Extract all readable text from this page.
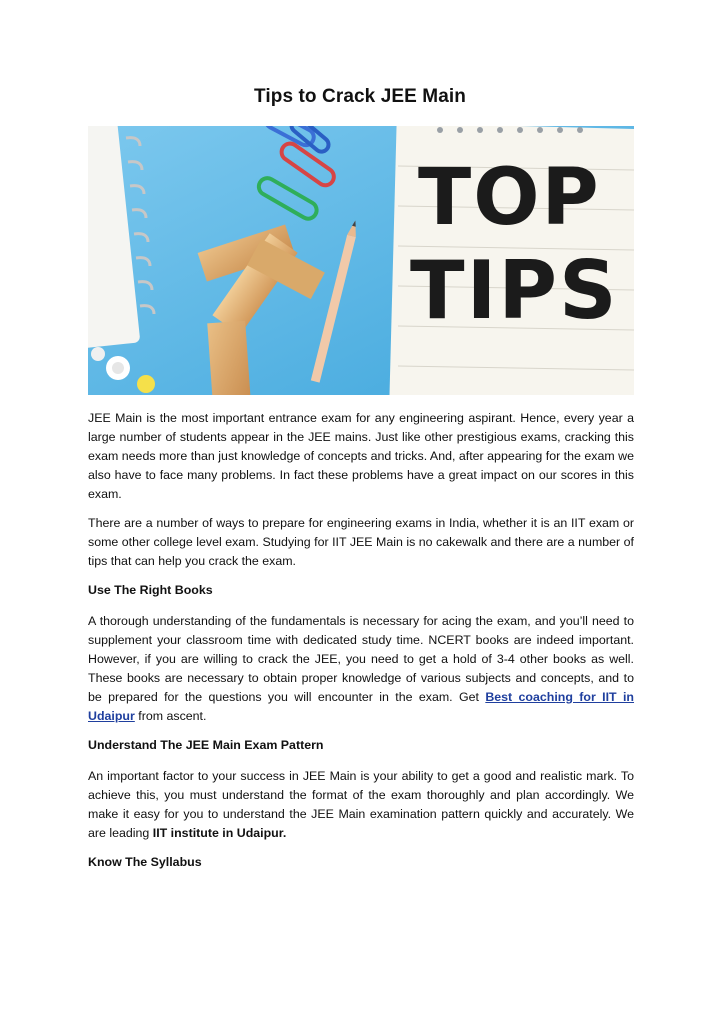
Tips to Crack JEE Main
TOP
TIPS

JEE Main is the most important entrance exam for any engineering aspirant. Hence, every year a large number of students appear in the JEE mains. Just like other prestigious exams, cracking this exam needs more than just knowledge of concepts and tricks. And, after appearing for the exam we also have to face many problems. In fact these problems have a great impact on our scores in this exam.

There are a number of ways to prepare for engineering exams in India, whether it is an IIT exam or some other college level exam. Studying for IIT JEE Main is no cakewalk and there are a number of tips that can help you crack the exam.

Use The Right Books

A thorough understanding of the fundamentals is necessary for acing the exam, and you’ll need to supplement your classroom time with dedicated study time. NCERT books are indeed important. However, if you are willing to crack the JEE, you need to get a hold of 3-4 other books as well. These books are necessary to obtain proper knowledge of various subjects and concepts, and to be prepared for the questions you will encounter in the exam. Get Best coaching for IIT in Udaipur from ascent.

Understand The JEE Main Exam Pattern

An important factor to your success in JEE Main is your ability to get a good and realistic mark. To achieve this, you must understand the format of the exam thoroughly and plan accordingly. We make it easy for you to understand the JEE Main examination pattern quickly and accurately. We are leading IIT institute in Udaipur.

Know The Syllabus
